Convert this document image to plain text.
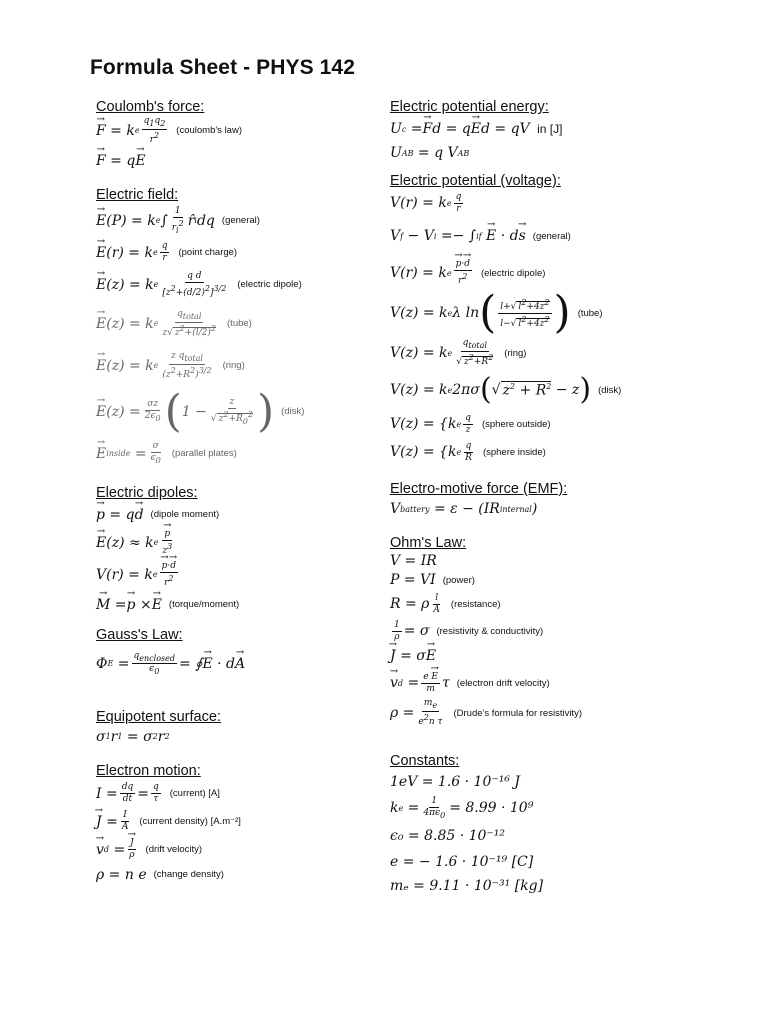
Formula Sheet - PHYS 142
Coulomb's force:
→ F = k e $\frac{q_1q_2}{r^2}$ (coulomb's law)
→ F = q
→ E
Electric field:
→ E (P) = k e ∫ $\frac{1}{r_i^2}$ r̂ i dq (general)
→ E (r) = k e $\frac{q}{r}$ (point charge)
→ E (z) = k e $\frac{\text{q d}}{[z^2+(d/2)^2]^{3/2}}$ (electric dipole)
→ E (z) = k e $\frac{q_{total}}{z√ z^2+(l/2)^2}$ (tube)
→ E (z) = k e $\frac{z q_{total}}{(z^2+R^2)^{3/2}}$ (ring)
→ E $(z) = \frac{\sigma z}{2\epsilon_0}$ ( $1 - \frac{z}{√ z^2+R_0^2}$ ) (disk)
→ E inside = $\frac{\sigma}{\epsilon_0}$ (parallel plates)
Electric dipoles:
→ p = q
→ d (dipole moment)
→ E (z) ≈ k e
→ $\frac{p}{z^3}$
V(r) = k e
→ $\frac{p\cdot\to d}{r^2}$
→ M =
→ p ×
→ E (torque/moment)
Gauss's Law:
Φ $E = \frac{q_{enclosed}}{\epsilon_0}$ = ∮
→ E · d
→ A
Equipotent surface:
σ 1 r 1 = σ 2 r 2
Electron motion:
$I = \frac{dq}{dt} = \frac{q}{\tau}$ (current) [A]
→ $J = \frac{I}{A}$ (current density) [A.m⁻²]
→ v d =
→ $\frac{J}{\rho}$ (drift velocity)
ρ = n e (change density)
Electric potential energy:
U c =
→ F d = q
→ E d = qV in [J]
U AB = q V AB
Electric potential (voltage):
V(r) = k e $\frac{q}{r}$
V f − V i =− ∫ i f

→ E · d
→ s (general)
V(r) = k e
→ $\frac{p\cdot\to d}{r^2}$ (electric dipole)
V(z) = k e λ ln ( $\frac{l+√ l^2+4z^2}{l-√ l^2+4z^2}$ ) (tube)
V(z) = k e $\frac{q_{total}}{√ z^2+R^2}$ (ring)
V(z) = k e 2πσ ( √ $z^2 + R^2 - z$ ) (disk)
V(z) = {k e $\frac{q}{z}$ (sphere outside)
V(z) = {k e $\frac{q}{R}$ (sphere inside)
Electro-motive force (EMF):
V battery = ε − (IR internal )
Ohm's Law:
V = IR
P = VI (power)
R = ρ $\frac{l}{A}$ (resistance)
$\frac{1}{\rho} = \sigma$ (resistivity & conductivity)
→ J = σ
→ E
→ v $d = \frac{e \to E}{m}$ τ (electron drift velocity)
$\rho = \frac{m_e}{e^2n \tau}$ (Drude's formula for resistivity)
Constants:
1eV = 1.6 · 10⁻¹⁶ J
k $e = \frac{1}{4\pi\epsilon_0} = 8.99 \cdot 10^9$
ϵ₀ = 8.85 · 10⁻¹²
e = − 1.6 · 10⁻¹⁹ [C]
mₑ = 9.11 · 10⁻³¹ [kg]
